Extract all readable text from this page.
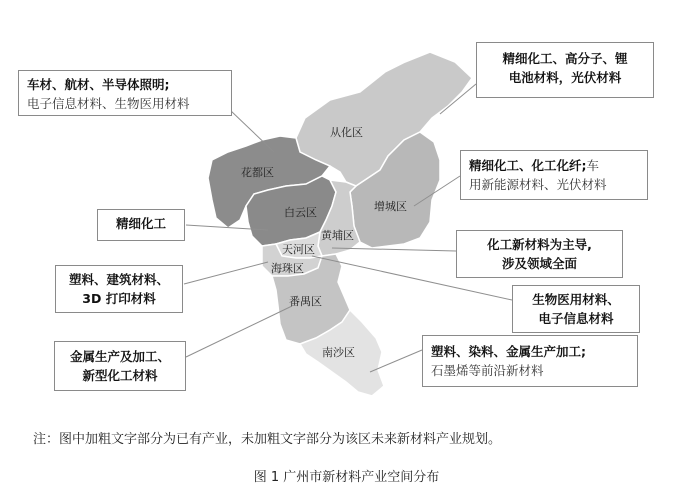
从化区
花都区
白云区	增城区
黄埔区
天河区
海珠区
番禺区
南沙区
车材、航材、半导体照明;
电子信息材料、生物医用材料
精细化工、高分子、锂
电池材料，光伏材料
精细化工、化工化纤;车
用新能源材料、光伏材料
精细化工
化工新材料为主导,
涉及领域全面
塑料、建筑材料、
3D 打印材料	生物医用材料、
电子信息材料
金属生产及加工、
新型化工材料
塑料、染料、金属生产加工;
石墨烯等前沿新材料
注：图中加粗文字部分为已有产业，未加粗文字部分为该区未来新材料产业规划。
图 1 广州市新材料产业空间分布
